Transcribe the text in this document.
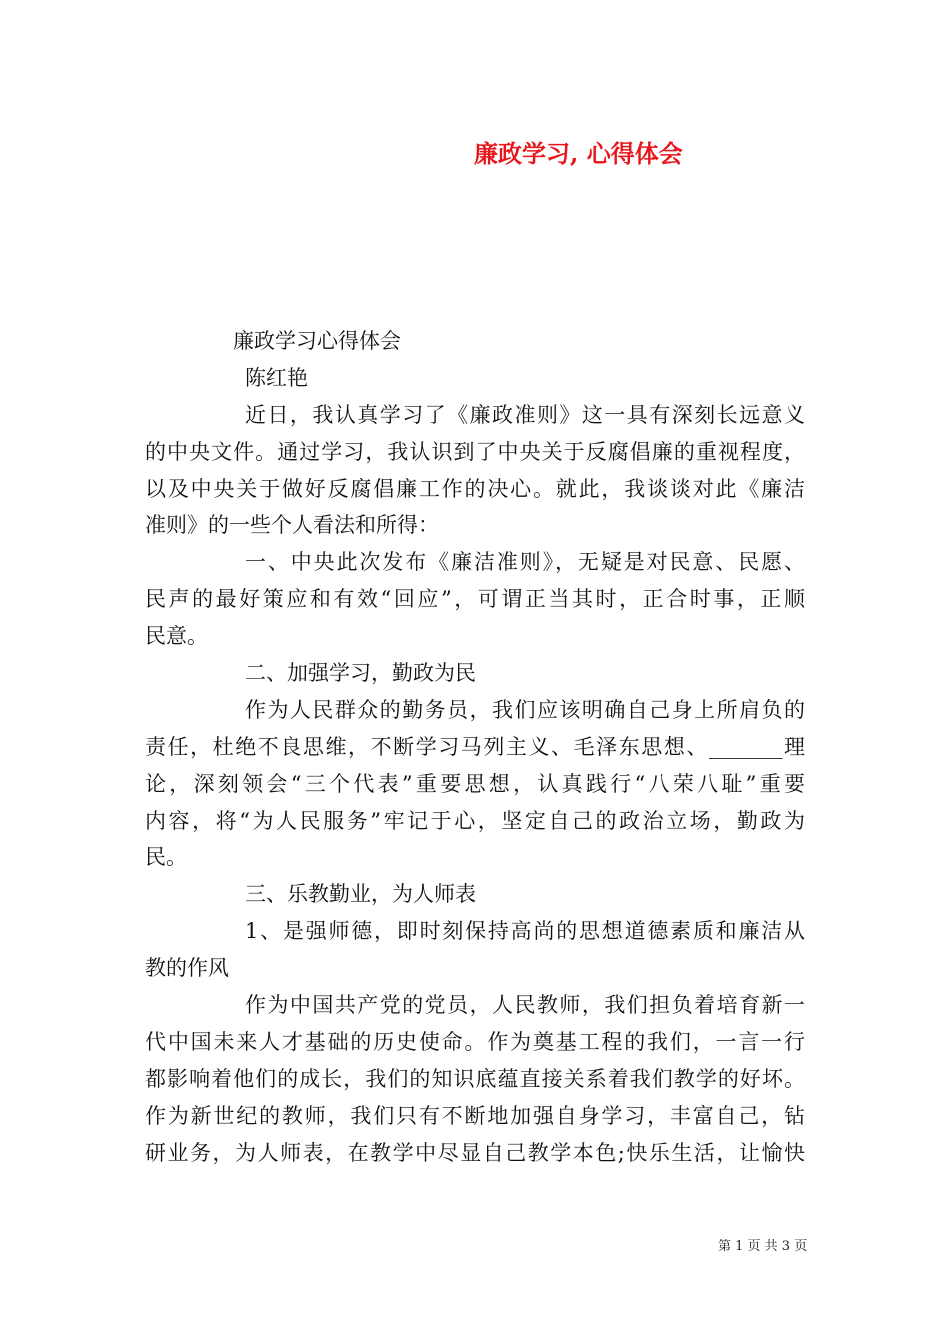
廉政学习, 心得体会
廉政学习心得体会
陈红艳
近日，我认真学习了《廉政准则》这一具有深刻长远意义
的中央文件。通过学习，我认识到了中央关于反腐倡廉的重视程度，
以及中央关于做好反腐倡廉工作的决心。就此，我谈谈对此《廉洁
准则》的一些个人看法和所得：
一、中央此次发布《廉洁准则》，无疑是对民意、民愿、
民声的最好策应和有效“回应”，可谓正当其时，正合时事，正顺
民意。
二、加强学习，勤政为民
作为人民群众的勤务员，我们应该明确自己身上所肩负的
责任，杜绝不良思维，不断学习马列主义、毛泽东思想、_______理
论，深刻领会“三个代表”重要思想，认真践行“八荣八耻”重要
内容，将“为人民服务”牢记于心，坚定自己的政治立场，勤政为
民。
三、乐教勤业，为人师表
1、是强师德，即时刻保持高尚的思想道德素质和廉洁从
教的作风
作为中国共产党的党员，人民教师，我们担负着培育新一
代中国未来人才基础的历史使命。作为奠基工程的我们，一言一行
都影响着他们的成长，我们的知识底蕴直接关系着我们教学的好坏。
作为新世纪的教师，我们只有不断地加强自身学习，丰富自己，钻
研业务，为人师表，在教学中尽显自己教学本色;快乐生活，让愉快
第 1 页 共 3 页
